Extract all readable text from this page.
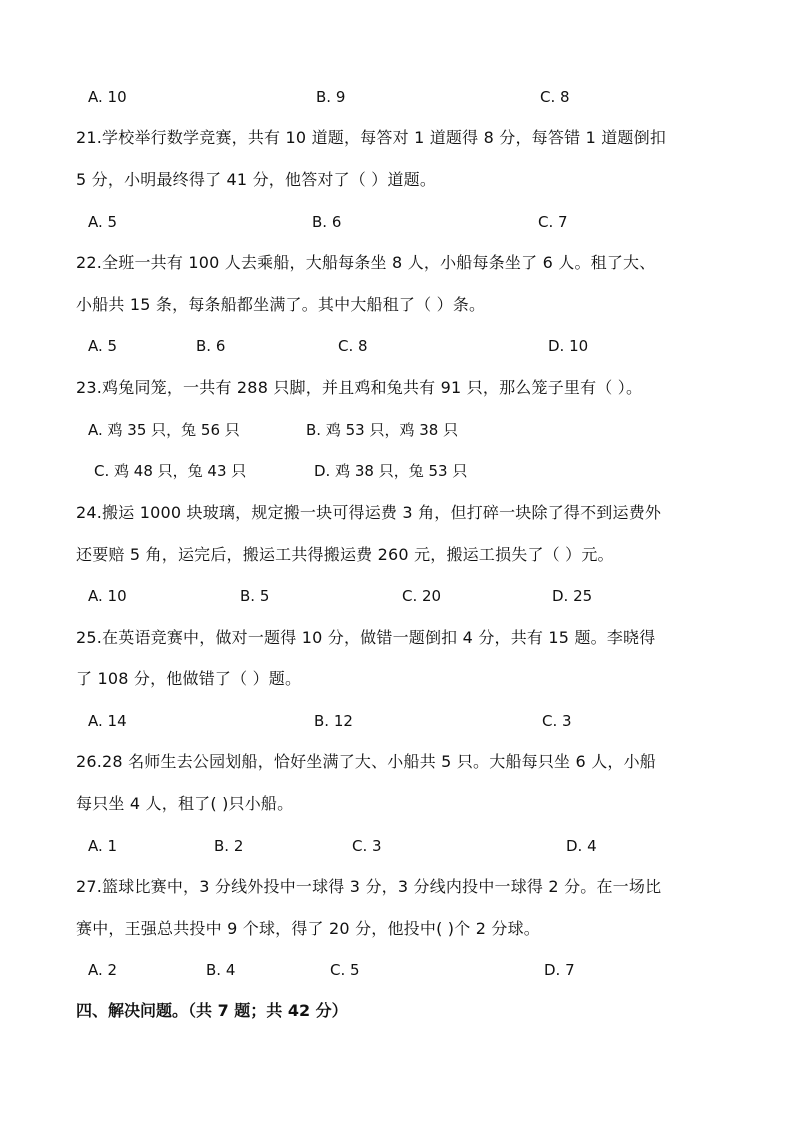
A. 10	B. 9	C. 8
21.学校举行数学竞赛，共有 10 道题，每答对 1 道题得 8 分，每答错 1 道题倒扣
5 分，小明最终得了 41 分，他答对了（ ）道题。
A. 5	B. 6	C. 7
22.全班一共有 100 人去乘船，大船每条坐 8 人，小船每条坐了 6 人。租了大、
小船共 15 条，每条船都坐满了。其中大船租了（ ）条。
A. 5	B. 6	C. 8	D. 10
23.鸡兔同笼，一共有 288 只脚，并且鸡和兔共有 91 只，那么笼子里有（ ）。
A. 鸡 35 只，兔 56 只	B. 鸡 53 只，鸡 38 只
C. 鸡 48 只，兔 43 只	D. 鸡 38 只，兔 53 只
24.搬运 1000 块玻璃，规定搬一块可得运费 3 角，但打碎一块除了得不到运费外
还要赔 5 角，运完后，搬运工共得搬运费 260 元，搬运工损失了（ ）元。
A. 10	B. 5	C. 20	D. 25
25.在英语竞赛中，做对一题得 10 分，做错一题倒扣 4 分，共有 15 题。李晓得
了 108 分，他做错了（ ）题。
A. 14	B. 12	C. 3
26.28 名师生去公园划船，恰好坐满了大、小船共 5 只。大船每只坐 6 人，小船
每只坐 4 人，租了( )只小船。
A. 1	B. 2	C. 3	D. 4
27.篮球比赛中，3 分线外投中一球得 3 分，3 分线内投中一球得 2 分。在一场比
赛中，王强总共投中 9 个球，得了 20 分，他投中( )个 2 分球。
A. 2	B. 4	C. 5	D. 7
四、解决问题。（共 7 题；共 42 分）
